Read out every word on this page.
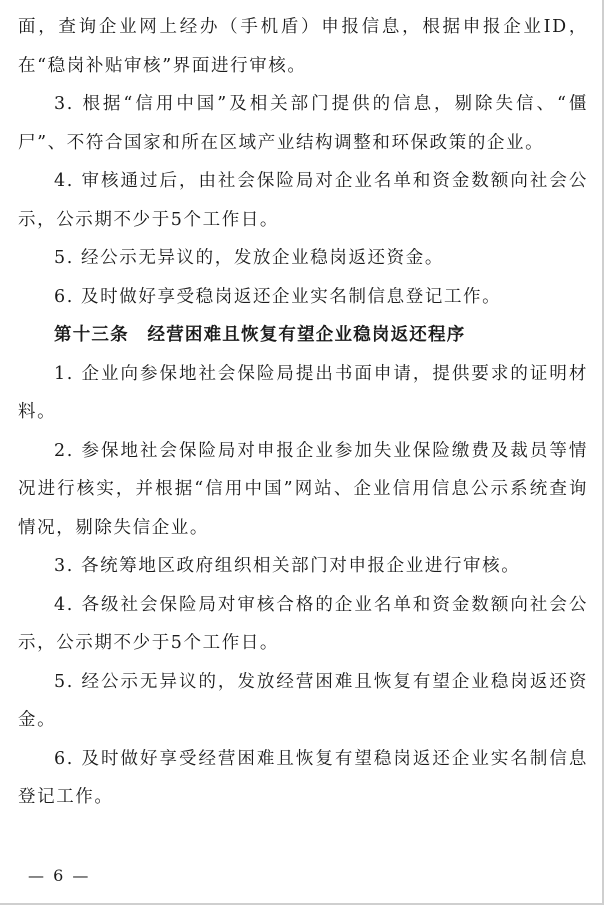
面，查询企业网上经办（手机盾）申报信息，根据申报企业ID，在“稳岗补贴审核”界面进行审核。

3. 根据“信用中国”及相关部门提供的信息，剔除失信、“僵尸”、不符合国家和所在区域产业结构调整和环保政策的企业。

4. 审核通过后，由社会保险局对企业名单和资金数额向社会公示，公示期不少于5个工作日。

5. 经公示无异议的，发放企业稳岗返还资金。

6. 及时做好享受稳岗返还企业实名制信息登记工作。

第十三条　经营困难且恢复有望企业稳岗返还程序

1. 企业向参保地社会保险局提出书面申请，提供要求的证明材料。

2. 参保地社会保险局对申报企业参加失业保险缴费及裁员等情况进行核实，并根据“信用中国”网站、企业信用信息公示系统查询情况，剔除失信企业。

3. 各统筹地区政府组织相关部门对申报企业进行审核。

4. 各级社会保险局对审核合格的企业名单和资金数额向社会公示，公示期不少于5个工作日。

5. 经公示无异议的，发放经营困难且恢复有望企业稳岗返还资金。

6. 及时做好享受经营困难且恢复有望稳岗返还企业实名制信息登记工作。

— 6 —
